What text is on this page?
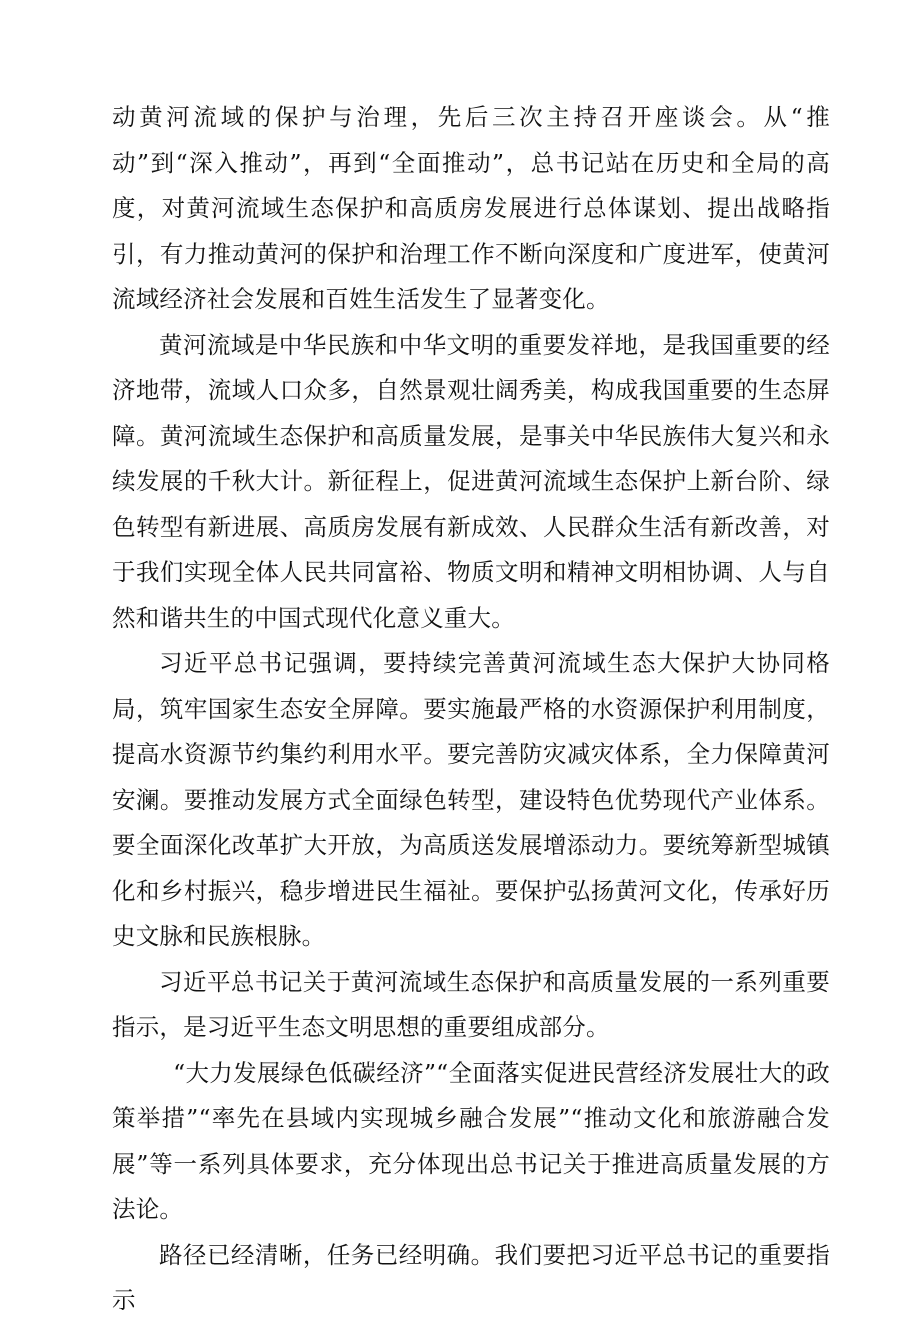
动黄河流域的保护与治理，先后三次主持召开座谈会。从“推动”到“深入推动”，再到“全面推动”，总书记站在历史和全局的高度，对黄河流域生态保护和高质房发展进行总体谋划、提出战略指引，有力推动黄河的保护和治理工作不断向深度和广度进军，使黄河流域经济社会发展和百姓生活发生了显著变化。

黄河流域是中华民族和中华文明的重要发祥地，是我国重要的经济地带，流域人口众多，自然景观壮阔秀美，构成我国重要的生态屏障。黄河流域生态保护和高质量发展，是事关中华民族伟大复兴和永续发展的千秋大计。新征程上，促进黄河流域生态保护上新台阶、绿色转型有新进展、高质房发展有新成效、人民群众生活有新改善，对于我们实现全体人民共同富裕、物质文明和精神文明相协调、人与自然和谐共生的中国式现代化意义重大。

习近平总书记强调，要持续完善黄河流域生态大保护大协同格局，筑牢国家生态安全屏障。要实施最严格的水资源保护利用制度，提高水资源节约集约利用水平。要完善防灾减灾体系，全力保障黄河安澜。要推动发展方式全面绿色转型，建设特色优势现代产业体系。要全面深化改革扩大开放，为高质送发展增添动力。要统筹新型城镇化和乡村振兴，稳步增进民生福祉。要保护弘扬黄河文化，传承好历史文脉和民族根脉。

习近平总书记关于黄河流域生态保护和高质量发展的一系列重要指示，是习近平生态文明思想的重要组成部分。

“大力发展绿色低碳经济”“全面落实促进民营经济发展壮大的政策举措”“率先在县域内实现城乡融合发展”“推动文化和旅游融合发展”等一系列具体要求，充分体现出总书记关于推进高质量发展的方法论。

路径已经清晰，任务已经明确。我们要把习近平总书记的重要指示
